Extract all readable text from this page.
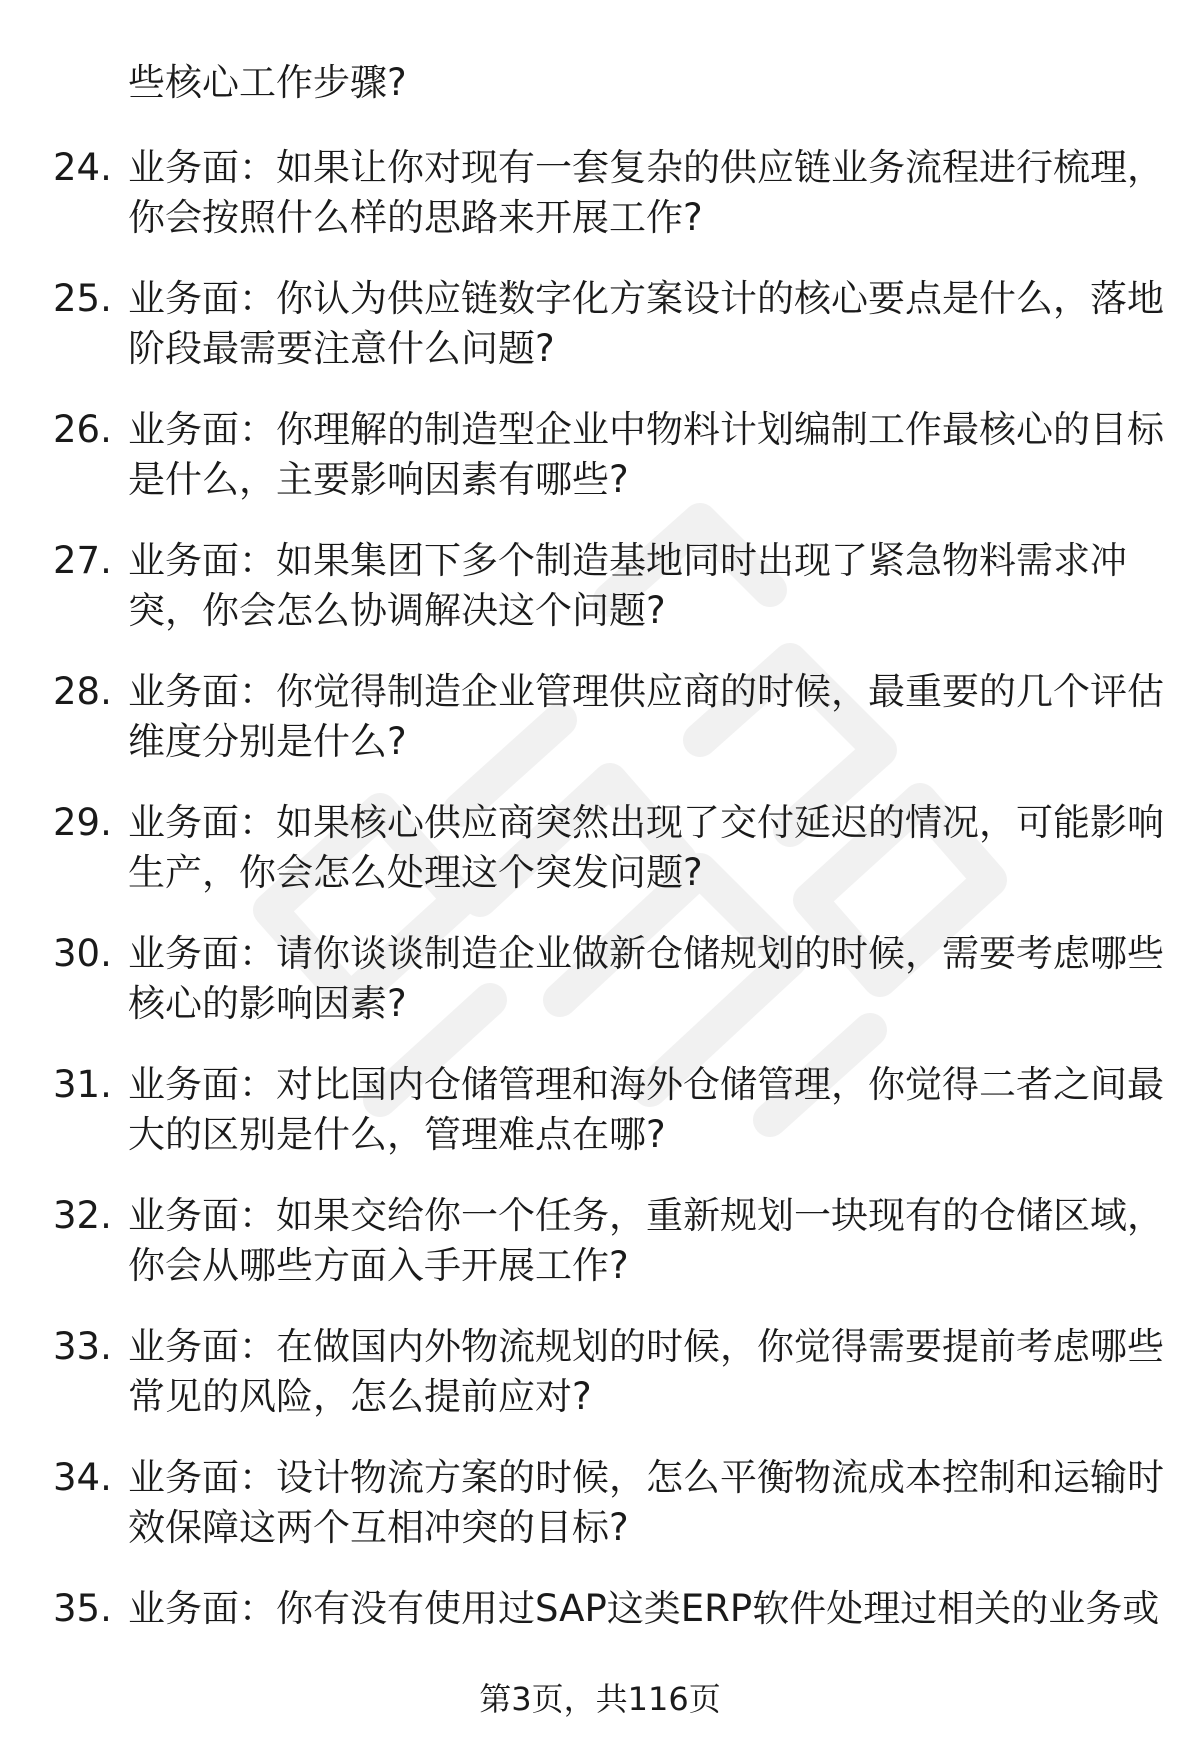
些核心工作步骤?
24. 业务面：如果让你对现有一套复杂的供应链业务流程进行梳理，
你会按照什么样的思路来开展工作?
25. 业务面：你认为供应链数字化方案设计的核心要点是什么，落地
阶段最需要注意什么问题?
26. 业务面：你理解的制造型企业中物料计划编制工作最核心的目标
是什么，主要影响因素有哪些?
27. 业务面：如果集团下多个制造基地同时出现了紧急物料需求冲
突，你会怎么协调解决这个问题?
28. 业务面：你觉得制造企业管理供应商的时候，最重要的几个评估
维度分别是什么?
29. 业务面：如果核心供应商突然出现了交付延迟的情况，可能影响
生产，你会怎么处理这个突发问题?
30. 业务面：请你谈谈制造企业做新仓储规划的时候，需要考虑哪些
核心的影响因素?
31. 业务面：对比国内仓储管理和海外仓储管理，你觉得二者之间最
大的区别是什么，管理难点在哪?
32. 业务面：如果交给你一个任务，重新规划一块现有的仓储区域，
你会从哪些方面入手开展工作?
33. 业务面：在做国内外物流规划的时候，你觉得需要提前考虑哪些
常见的风险，怎么提前应对?
34. 业务面：设计物流方案的时候，怎么平衡物流成本控制和运输时
效保障这两个互相冲突的目标?
35. 业务面：你有没有使用过SAP这类ERP软件处理过相关的业务或
第3页，共116页
